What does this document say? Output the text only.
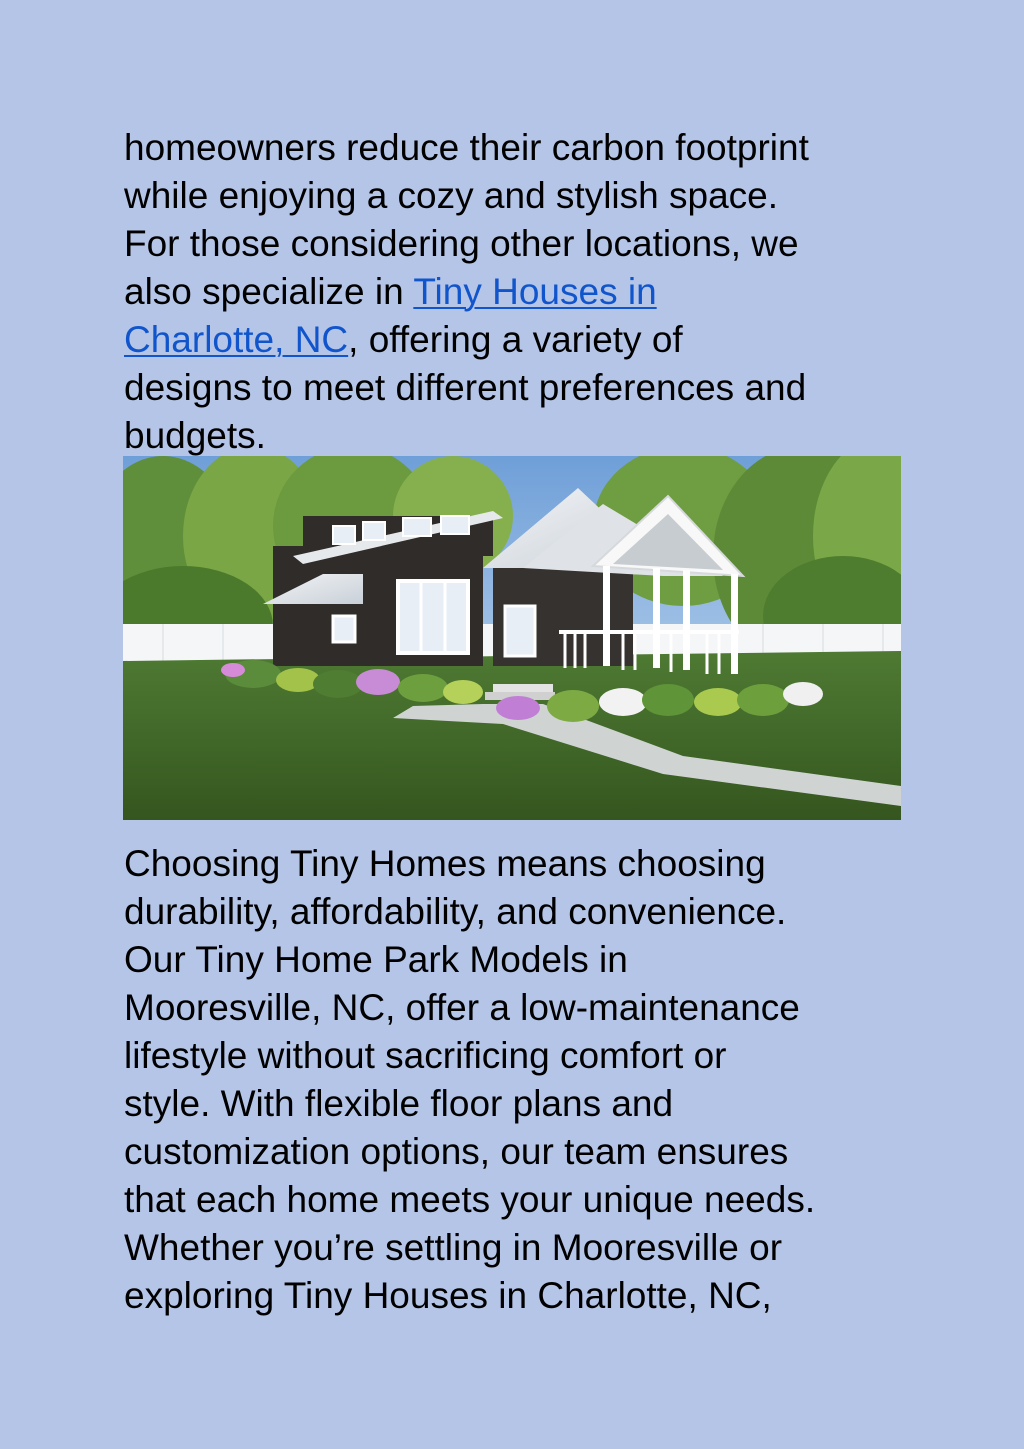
homeowners reduce their carbon footprint
while enjoying a cozy and stylish space.
For those considering other locations, we
also specialize in Tiny Houses in
Charlotte, NC, offering a variety of
designs to meet different preferences and
budgets.
Choosing Tiny Homes means choosing
durability, affordability, and convenience.
Our Tiny Home Park Models in
Mooresville, NC, offer a low-maintenance
lifestyle without sacrificing comfort or
style. With flexible floor plans and
customization options, our team ensures
that each home meets your unique needs.
Whether you’re settling in Mooresville or
exploring Tiny Houses in Charlotte, NC,
